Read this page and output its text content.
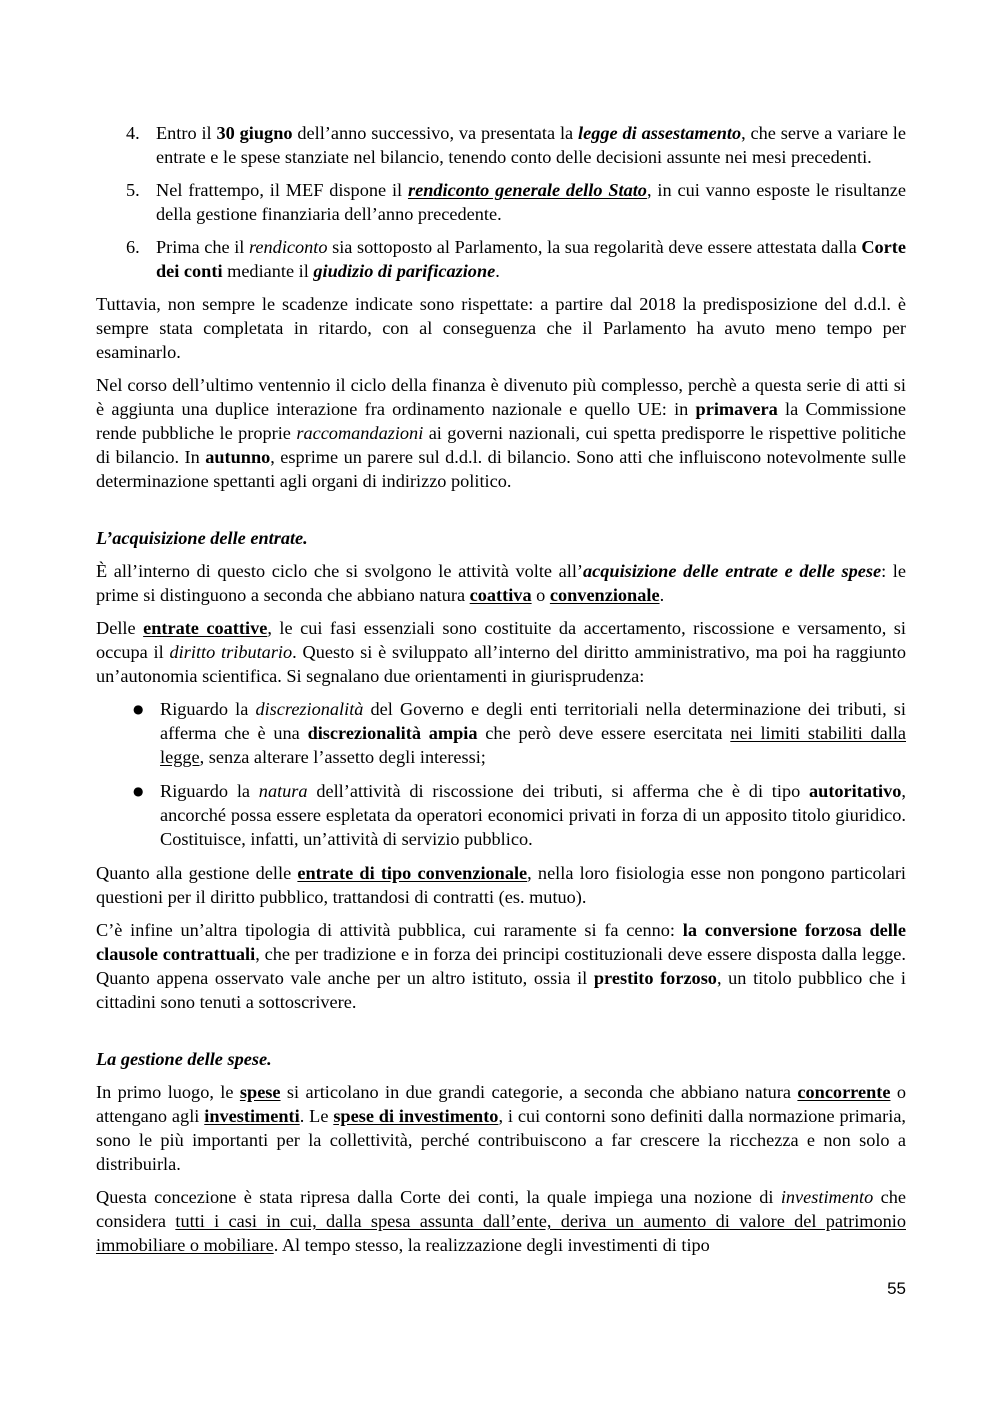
4. Entro il 30 giugno dell’anno successivo, va presentata la legge di assestamento, che serve a variare le entrate e le spese stanziate nel bilancio, tenendo conto delle decisioni assunte nei mesi precedenti.
5. Nel frattempo, il MEF dispone il rendiconto generale dello Stato, in cui vanno esposte le risultanze della gestione finanziaria dell’anno precedente.
6. Prima che il rendiconto sia sottoposto al Parlamento, la sua regolarità deve essere attestata dalla Corte dei conti mediante il giudizio di parificazione.

Tuttavia, non sempre le scadenze indicate sono rispettate: a partire dal 2018 la predisposizione del d.d.l. è sempre stata completata in ritardo, con al conseguenza che il Parlamento ha avuto meno tempo per esaminarlo.

Nel corso dell’ultimo ventennio il ciclo della finanza è divenuto più complesso, perchè a questa serie di atti si è aggiunta una duplice interazione fra ordinamento nazionale e quello UE: in primavera la Commissione rende pubbliche le proprie raccomandazioni ai governi nazionali, cui spetta predisporre le rispettive politiche di bilancio. In autunno, esprime un parere sul d.d.l. di bilancio. Sono atti che influiscono notevolmente sulle determinazione spettanti agli organi di indirizzo politico.

L’acquisizione delle entrate.

È all’interno di questo ciclo che si svolgono le attività volte all’acquisizione delle entrate e delle spese: le prime si distinguono a seconda che abbiano natura coattiva o convenzionale.

Delle entrate coattive, le cui fasi essenziali sono costituite da accertamento, riscossione e versamento, si occupa il diritto tributario. Questo si è sviluppato all’interno del diritto amministrativo, ma poi ha raggiunto un’autonomia scientifica. Si segnalano due orientamenti in giurisprudenza:

● Riguardo la discrezionalità del Governo e degli enti territoriali nella determinazione dei tributi, si afferma che è una discrezionalità ampia che però deve essere esercitata nei limiti stabiliti dalla legge, senza alterare l’assetto degli interessi;
● Riguardo la natura dell’attività di riscossione dei tributi, si afferma che è di tipo autoritativo, ancorché possa essere espletata da operatori economici privati in forza di un apposito titolo giuridico. Costituisce, infatti, un’attività di servizio pubblico.

Quanto alla gestione delle entrate di tipo convenzionale, nella loro fisiologia esse non pongono particolari questioni per il diritto pubblico, trattandosi di contratti (es. mutuo).

C’è infine un’altra tipologia di attività pubblica, cui raramente si fa cenno: la conversione forzosa delle clausole contrattuali, che per tradizione e in forza dei principi costituzionali deve essere disposta dalla legge. Quanto appena osservato vale anche per un altro istituto, ossia il prestito forzoso, un titolo pubblico che i cittadini sono tenuti a sottoscrivere.

La gestione delle spese.

In primo luogo, le spese si articolano in due grandi categorie, a seconda che abbiano natura concorrente o attengano agli investimenti. Le spese di investimento, i cui contorni sono definiti dalla normazione primaria, sono le più importanti per la collettività, perché contribuiscono a far crescere la ricchezza e non solo a distribuirla.

Questa concezione è stata ripresa dalla Corte dei conti, la quale impiega una nozione di investimento che considera tutti i casi in cui, dalla spesa assunta dall’ente, deriva un aumento di valore del patrimonio immobiliare o mobiliare. Al tempo stesso, la realizzazione degli investimenti di tipo

55
